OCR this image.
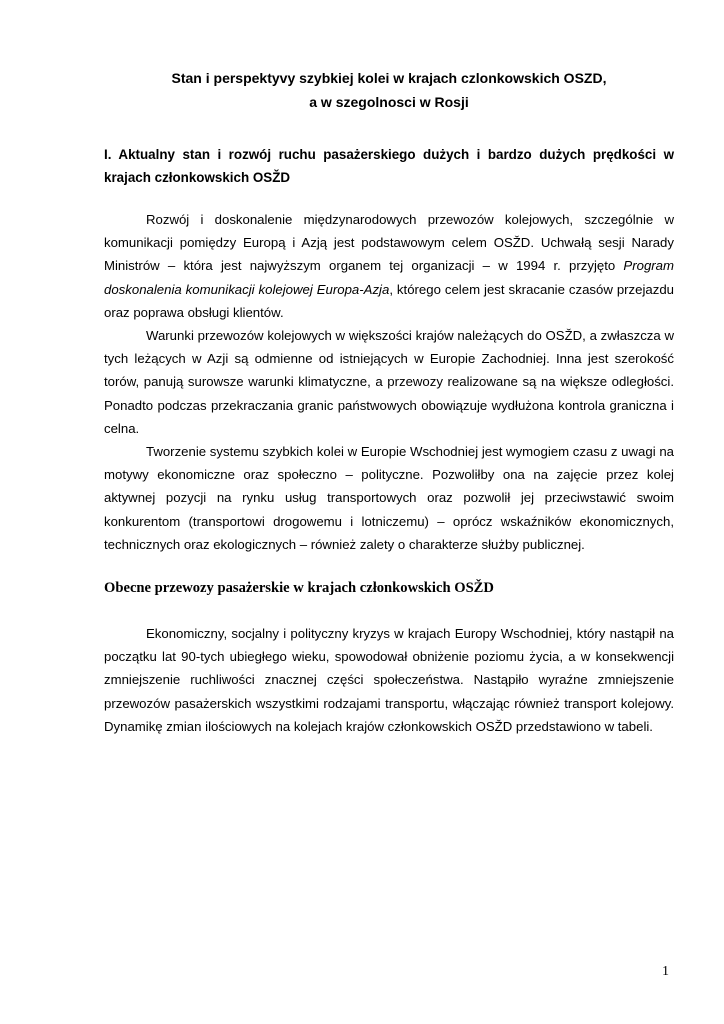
Stan i perspektyvy szybkiej kolei w krajach czlonkowskich OSZD,
a w szegolnosci w Rosji
I. Aktualny stan i rozwój ruchu pasażerskiego dużych i bardzo dużych prędkości w krajach członkowskich OSŽD

Rozwój i doskonalenie międzynarodowych przewozów kolejowych, szczególnie w komunikacji pomiędzy Europą i Azją jest podstawowym celem OSŽD. Uchwałą sesji Narady Ministrów – która jest najwyższym organem tej organizacji – w 1994 r. przyjęto Program doskonalenia komunikacji kolejowej Europa-Azja, którego celem jest skracanie czasów przejazdu oraz poprawa obsługi klientów.

Warunki przewozów kolejowych w większości krajów należących do OSŽD, a zwłaszcza w tych leżących w Azji są odmienne od istniejących w Europie Zachodniej. Inna jest szerokość torów, panują surowsze warunki klimatyczne, a przewozy realizowane są na większe odległości. Ponadto podczas przekraczania granic państwowych obowiązuje wydłużona kontrola graniczna i celna.

Tworzenie systemu szybkich kolei w Europie Wschodniej jest wymogiem czasu z uwagi na motywy ekonomiczne oraz społeczno – polityczne. Pozwoliłby ona na zajęcie przez kolej aktywnej pozycji na rynku usług transportowych oraz pozwolił jej przeciwstawić swoim konkurentom (transportowi drogowemu i lotniczemu) – oprócz wskaźników ekonomicznych, technicznych oraz ekologicznych – również zalety o charakterze służby publicznej.

Obecne przewozy pasażerskie w krajach członkowskich OSŽD

Ekonomiczny, socjalny i polityczny kryzys w krajach Europy Wschodniej, który nastąpił na początku lat 90-tych ubiegłego wieku, spowodował obniżenie poziomu życia, a w konsekwencji zmniejszenie ruchliwości znacznej części społeczeństwa. Nastąpiło wyraźne zmniejszenie przewozów pasażerskich wszystkimi rodzajami transportu, włączając również transport kolejowy. Dynamikę zmian ilościowych na kolejach krajów członkowskich OSŽD przedstawiono w tabeli.

1
